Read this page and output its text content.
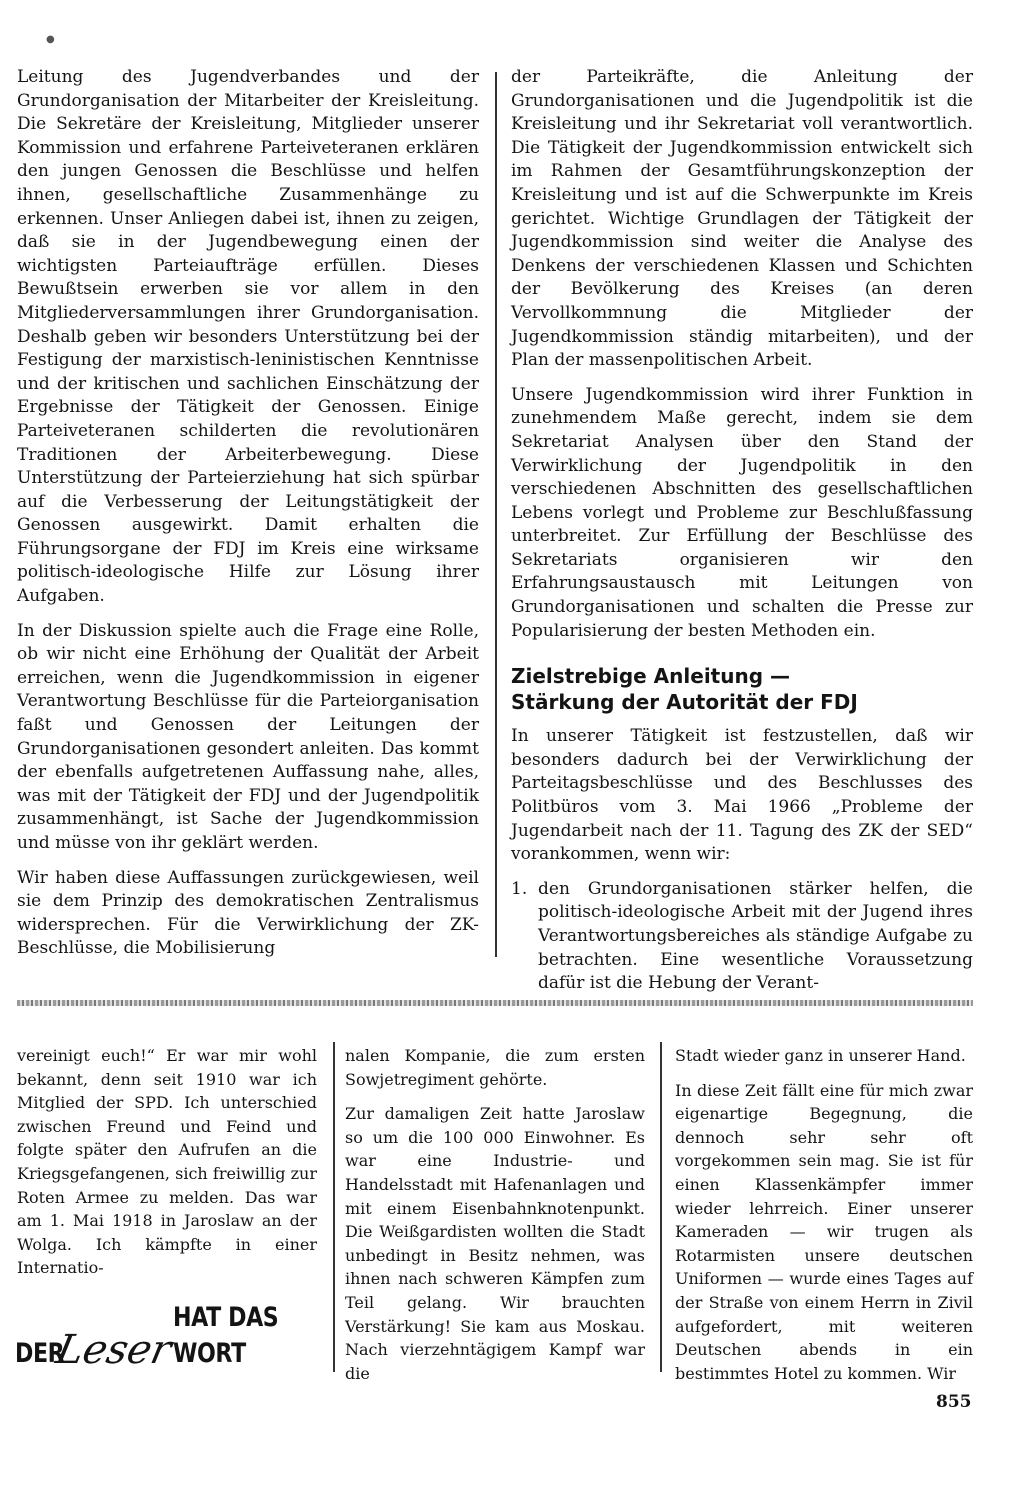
●

Leitung des Jugendverbandes und der Grundorganisation der Mitarbeiter der Kreisleitung. Die Sekretäre der Kreisleitung, Mitglieder unserer Kommission und erfahrene Parteiveteranen erklären den jungen Genossen die Beschlüsse und helfen ihnen, gesellschaftliche Zusammenhänge zu erkennen. Unser Anliegen dabei ist, ihnen zu zeigen, daß sie in der Jugendbewegung einen der wichtigsten Parteiaufträge erfüllen. Dieses Bewußtsein erwerben sie vor allem in den Mitgliederversammlungen ihrer Grundorganisation. Deshalb geben wir besonders Unterstützung bei der Festigung der marxistisch-leninistischen Kenntnisse und der kritischen und sachlichen Einschätzung der Ergebnisse der Tätigkeit der Genossen. Einige Parteiveteranen schilderten die revolutionären Traditionen der Arbeiterbewegung. Diese Unterstützung der Parteierziehung hat sich spürbar auf die Verbesserung der Leitungstätigkeit der Genossen ausgewirkt. Damit erhalten die Führungsorgane der FDJ im Kreis eine wirksame politisch-ideologische Hilfe zur Lösung ihrer Aufgaben.

In der Diskussion spielte auch die Frage eine Rolle, ob wir nicht eine Erhöhung der Qualität der Arbeit erreichen, wenn die Jugendkommission in eigener Verantwortung Beschlüsse für die Parteiorganisation faßt und Genossen der Leitungen der Grundorganisationen gesondert anleiten. Das kommt der ebenfalls aufgetretenen Auffassung nahe, alles, was mit der Tätigkeit der FDJ und der Jugendpolitik zusammenhängt, ist Sache der Jugendkommission und müsse von ihr geklärt werden.

Wir haben diese Auffassungen zurückgewiesen, weil sie dem Prinzip des demokratischen Zentralismus widersprechen. Für die Verwirklichung der ZK-Beschlüsse, die Mobilisierung

der Parteikräfte, die Anleitung der Grundorganisationen und die Jugendpolitik ist die Kreisleitung und ihr Sekretariat voll verantwortlich. Die Tätigkeit der Jugendkommission entwickelt sich im Rahmen der Gesamtführungskonzeption der Kreisleitung und ist auf die Schwerpunkte im Kreis gerichtet. Wichtige Grundlagen der Tätigkeit der Jugendkommission sind weiter die Analyse des Denkens der verschiedenen Klassen und Schichten der Bevölkerung des Kreises (an deren Vervollkommnung die Mitglieder der Jugendkommission ständig mitarbeiten), und der Plan der massenpolitischen Arbeit.

Unsere Jugendkommission wird ihrer Funktion in zunehmendem Maße gerecht, indem sie dem Sekretariat Analysen über den Stand der Verwirklichung der Jugendpolitik in den verschiedenen Abschnitten des gesellschaftlichen Lebens vorlegt und Probleme zur Beschlußfassung unterbreitet. Zur Erfüllung der Beschlüsse des Sekretariats organisieren wir den Erfahrungsaustausch mit Leitungen von Grundorganisationen und schalten die Presse zur Popularisierung der besten Methoden ein.

Zielstrebige Anleitung —
Stärkung der Autorität der FDJ

In unserer Tätigkeit ist festzustellen, daß wir besonders dadurch bei der Verwirklichung der Parteitagsbeschlüsse und des Beschlusses des Politbüros vom 3. Mai 1966 „Probleme der Jugendarbeit nach der 11. Tagung des ZK der SED“ vorankommen, wenn wir:

1. den Grundorganisationen stärker helfen, die politisch-ideologische Arbeit mit der Jugend ihres Verantwortungsbereiches als ständige Aufgabe zu betrachten. Eine wesentliche Voraussetzung dafür ist die Hebung der Verant-

vereinigt euch!“ Er war mir wohl bekannt, denn seit 1910 war ich Mitglied der SPD. Ich unterschied zwischen Freund und Feind und folgte später den Aufrufen an die Kriegsgefangenen, sich freiwillig zur Roten Armee zu melden. Das war am 1. Mai 1918 in Jaroslaw an der Wolga. Ich kämpfte in einer Internatio-

nalen Kompanie, die zum ersten Sowjetregiment gehörte.

Zur damaligen Zeit hatte Jaroslaw so um die 100 000 Einwohner. Es war eine Industrie- und Handelsstadt mit Hafenanlagen und mit einem Eisenbahnknotenpunkt. Die Weißgardisten wollten die Stadt unbedingt in Besitz nehmen, was ihnen nach schweren Kämpfen zum Teil gelang. Wir brauchten Verstärkung! Sie kam aus Moskau. Nach vierzehntägigem Kampf war die

Stadt wieder ganz in unserer Hand.

In diese Zeit fällt eine für mich zwar eigenartige Begegnung, die dennoch sehr sehr oft vorgekommen sein mag. Sie ist für einen Klassenkämpfer immer wieder lehrreich. Einer unserer Kameraden — wir trugen als Rotarmisten unsere deutschen Uniformen — wurde eines Tages auf der Straße von einem Herrn in Zivil aufgefordert, mit weiteren Deutschen abends in ein bestimmtes Hotel zu kommen. Wir

DER
Leser
HAT DAS WORT
855
